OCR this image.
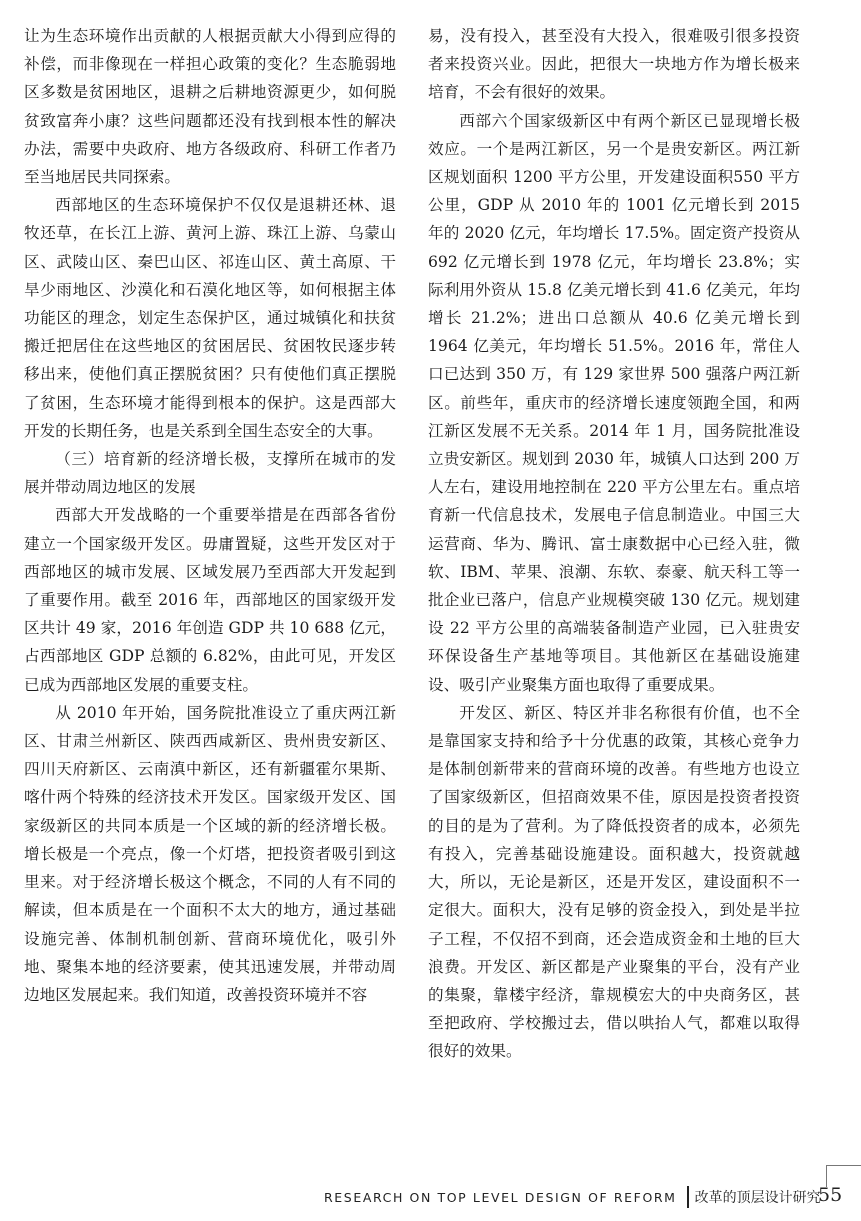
让为生态环境作出贡献的人根据贡献大小得到应得的补偿，而非像现在一样担心政策的变化？生态脆弱地区多数是贫困地区，退耕之后耕地资源更少，如何脱贫致富奔小康？这些问题都还没有找到根本性的解决办法，需要中央政府、地方各级政府、科研工作者乃至当地居民共同探索。

西部地区的生态环境保护不仅仅是退耕还林、退牧还草，在长江上游、黄河上游、珠江上游、乌蒙山区、武陵山区、秦巴山区、祁连山区、黄土高原、干旱少雨地区、沙漠化和石漠化地区等，如何根据主体功能区的理念，划定生态保护区，通过城镇化和扶贫搬迁把居住在这些地区的贫困居民、贫困牧民逐步转移出来，使他们真正摆脱贫困？只有使他们真正摆脱了贫困，生态环境才能得到根本的保护。这是西部大开发的长期任务，也是关系到全国生态安全的大事。

（三）培育新的经济增长极，支撑所在城市的发展并带动周边地区的发展

西部大开发战略的一个重要举措是在西部各省份建立一个国家级开发区。毋庸置疑，这些开发区对于西部地区的城市发展、区域发展乃至西部大开发起到了重要作用。截至 2016 年，西部地区的国家级开发区共计 49 家，2016 年创造 GDP 共 10 688 亿元，占西部地区 GDP 总额的 6.82%，由此可见，开发区已成为西部地区发展的重要支柱。

从 2010 年开始，国务院批准设立了重庆两江新区、甘肃兰州新区、陕西西咸新区、贵州贵安新区、四川天府新区、云南滇中新区，还有新疆霍尔果斯、喀什两个特殊的经济技术开发区。国家级开发区、国家级新区的共同本质是一个区域的新的经济增长极。增长极是一个亮点，像一个灯塔，把投资者吸引到这里来。对于经济增长极这个概念，不同的人有不同的解读，但本质是在一个面积不太大的地方，通过基础设施完善、体制机制创新、营商环境优化，吸引外地、聚集本地的经济要素，使其迅速发展，并带动周边地区发展起来。我们知道，改善投资环境并不容

易，没有投入，甚至没有大投入，很难吸引很多投资者来投资兴业。因此，把很大一块地方作为增长极来培育，不会有很好的效果。

西部六个国家级新区中有两个新区已显现增长极效应。一个是两江新区，另一个是贵安新区。两江新区规划面积 1200 平方公里，开发建设面积550 平方公里，GDP 从 2010 年的 1001 亿元增长到 2015 年的 2020 亿元，年均增长 17.5%。固定资产投资从 692 亿元增长到 1978 亿元，年均增长 23.8%；实际利用外资从 15.8 亿美元增长到 41.6 亿美元，年均增长 21.2%；进出口总额从 40.6 亿美元增长到 1964 亿美元，年均增长 51.5%。2016 年，常住人口已达到 350 万，有 129 家世界 500 强落户两江新区。前些年，重庆市的经济增长速度领跑全国，和两江新区发展不无关系。2014 年 1 月，国务院批准设立贵安新区。规划到 2030 年，城镇人口达到 200 万人左右，建设用地控制在 220 平方公里左右。重点培育新一代信息技术，发展电子信息制造业。中国三大运营商、华为、腾讯、富士康数据中心已经入驻，微软、IBM、苹果、浪潮、东软、泰豪、航天科工等一批企业已落户，信息产业规模突破 130 亿元。规划建设 22 平方公里的高端装备制造产业园，已入驻贵安环保设备生产基地等项目。其他新区在基础设施建设、吸引产业聚集方面也取得了重要成果。

开发区、新区、特区并非名称很有价值，也不全是靠国家支持和给予十分优惠的政策，其核心竞争力是体制创新带来的营商环境的改善。有些地方也设立了国家级新区，但招商效果不佳，原因是投资者投资的目的是为了营利。为了降低投资者的成本，必须先有投入，完善基础设施建设。面积越大，投资就越大，所以，无论是新区，还是开发区，建设面积不一定很大。面积大，没有足够的资金投入，到处是半拉子工程，不仅招不到商，还会造成资金和土地的巨大浪费。开发区、新区都是产业聚集的平台，没有产业的集聚，靠楼宇经济，靠规模宏大的中央商务区，甚至把政府、学校搬过去，借以哄抬人气，都难以取得很好的效果。

RESEARCH ON TOP LEVEL DESIGN OF REFORM 改革的顶层设计研究
55
